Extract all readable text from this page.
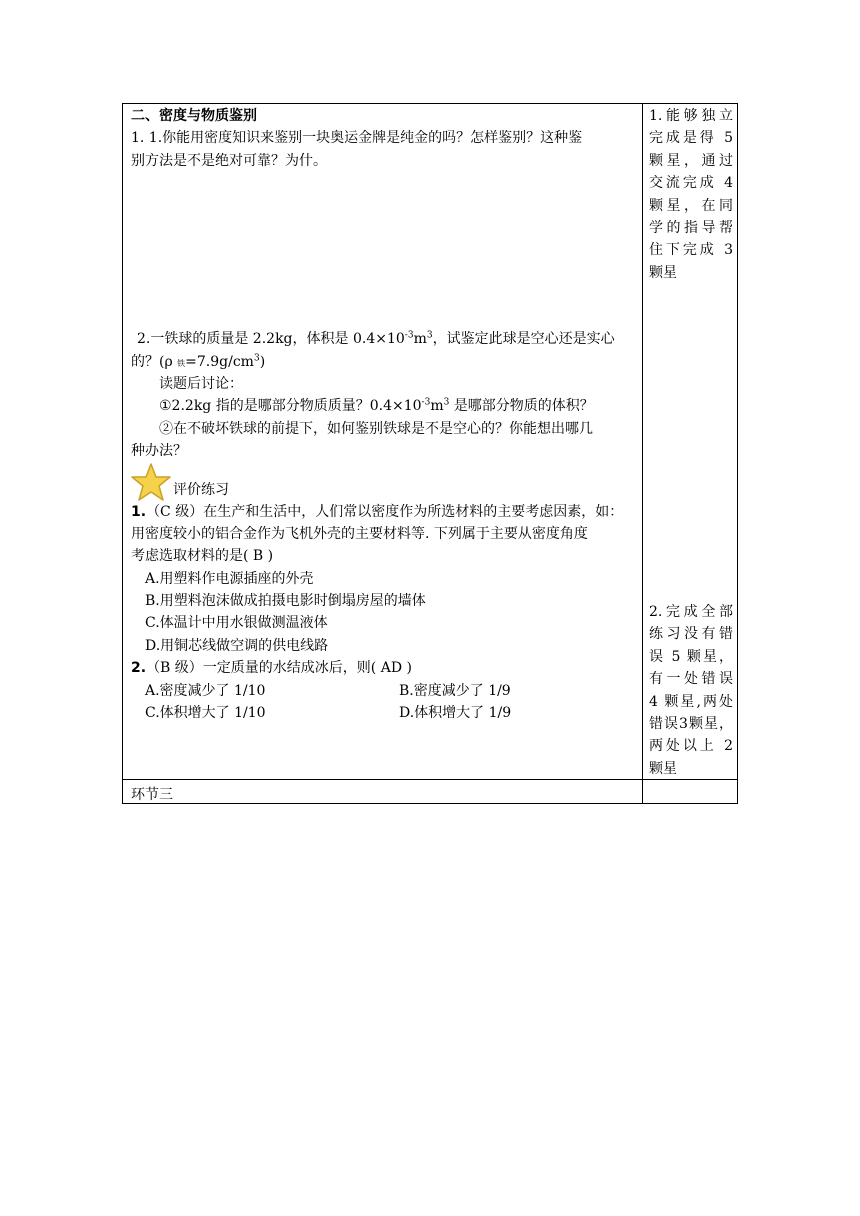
二、密度与物质鉴别
1. 1.你能用密度知识来鉴别一块奥运金牌是纯金的吗？怎样鉴别？这种鉴
别方法是不是绝对可靠？为什。
2.一铁球的质量是 2.2kg，体积是 $0.4\times 10^{-3}m^3$，试鉴定此球是空心还是实心
的？(ρ 铁$=7.9g/cm^3$)
读题后讨论：
①2.2kg 指的是哪部分物质质量？$0.4\times 10^{-3}m^3$ 是哪部分物质的体积？
②在不破坏铁球的前提下，如何鉴别铁球是不是空心的？你能想出哪几
种办法？
评价练习
1.（C 级）在生产和生活中，人们常以密度作为所选材料的主要考虑因素，如：
用密度较小的铝合金作为飞机外壳的主要材料等. 下列属于主要从密度角度
考虑选取材料的是( B )
A.用塑料作电源插座的外壳
B.用塑料泡沫做成拍摄电影时倒塌房屋的墙体
C.体温计中用水银做测温液体
D.用铜芯线做空调的供电线路
2.（B 级）一定质量的水结成冰后，则( AD )
A.密度减少了 1/10	B.密度减少了 1/9
C.体积增大了 1/10	D.体积增大了 1/9
1.能够独立
完成是得 5
颗星，通过
交流完成 4
颗星，在同
学的指导帮
住下完成 3
颗星
2.完成全部
练习没有错
误 5 颗星，
有一处错误
4 颗星,两处
错误3颗星，
两处以上 2
颗星
环节三
